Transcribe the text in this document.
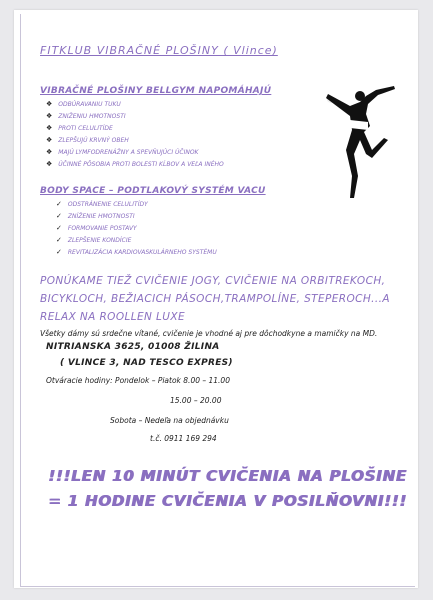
FITKLUB VIBRAČNÉ PLOŠINY ( Vlince)
VIBRAČNÉ PLOŠINY BELLGYM NAPOMÁHAJÚ
❖ ODBÚRAVANIU TUKU
❖ ZNIŽENIU HMOTNOSTI
❖ PROTI CELULITÍDE
❖ ZLEPŠUJÚ KRVNÝ OBEH
❖ MAJÚ LYMFODRENÁŽNY A SPEVŇUJÚCI ÚČINOK
❖ ÚČINNÉ PÔSOBIA PROTI BOLESTI KĹBOV A VEĽA INÉHO
BODY SPACE – PODTLAKOVÝ SYSTÉM VACU
✓ ODSTRÁNENIE CELULITÍDY
✓ ZNÍŽENIE HMOTNOSTI
✓ FORMOVANIE POSTAVY
✓ ZLEPŠENIE KONDÍCIE
✓ REVITALIZÁCIA KARDIOVASKULÁRNEHO SYSTÉMU
PONÚKAME TIEŽ CVIČENIE JOGY, CVIČENIE NA ORBITREKOCH,
BICYKLOCH, BEŽIACICH PÁSOCH,TRAMPOLÍNE, STEPEROCH...A
RELAX NA ROOLLEN LUXE
Všetky dámy sú srdečne vítané, cvičenie je vhodné aj pre dôchodkyne a mamičky na MD.
NITRIANSKA 3625, 01008 ŽILINA
( VLINCE 3, NAD TESCO EXPRES)
Otváracie hodiny: Pondelok – Piatok 8.00 – 11.00
15.00 – 20.00
Sobota – Nedeľa na objednávku
t.č. 0911 169 294
!!!LEN 10 MINÚT CVIČENIA NA PLOŠINE
= 1 HODINE CVIČENIA V POSILŇOVNI!!!
